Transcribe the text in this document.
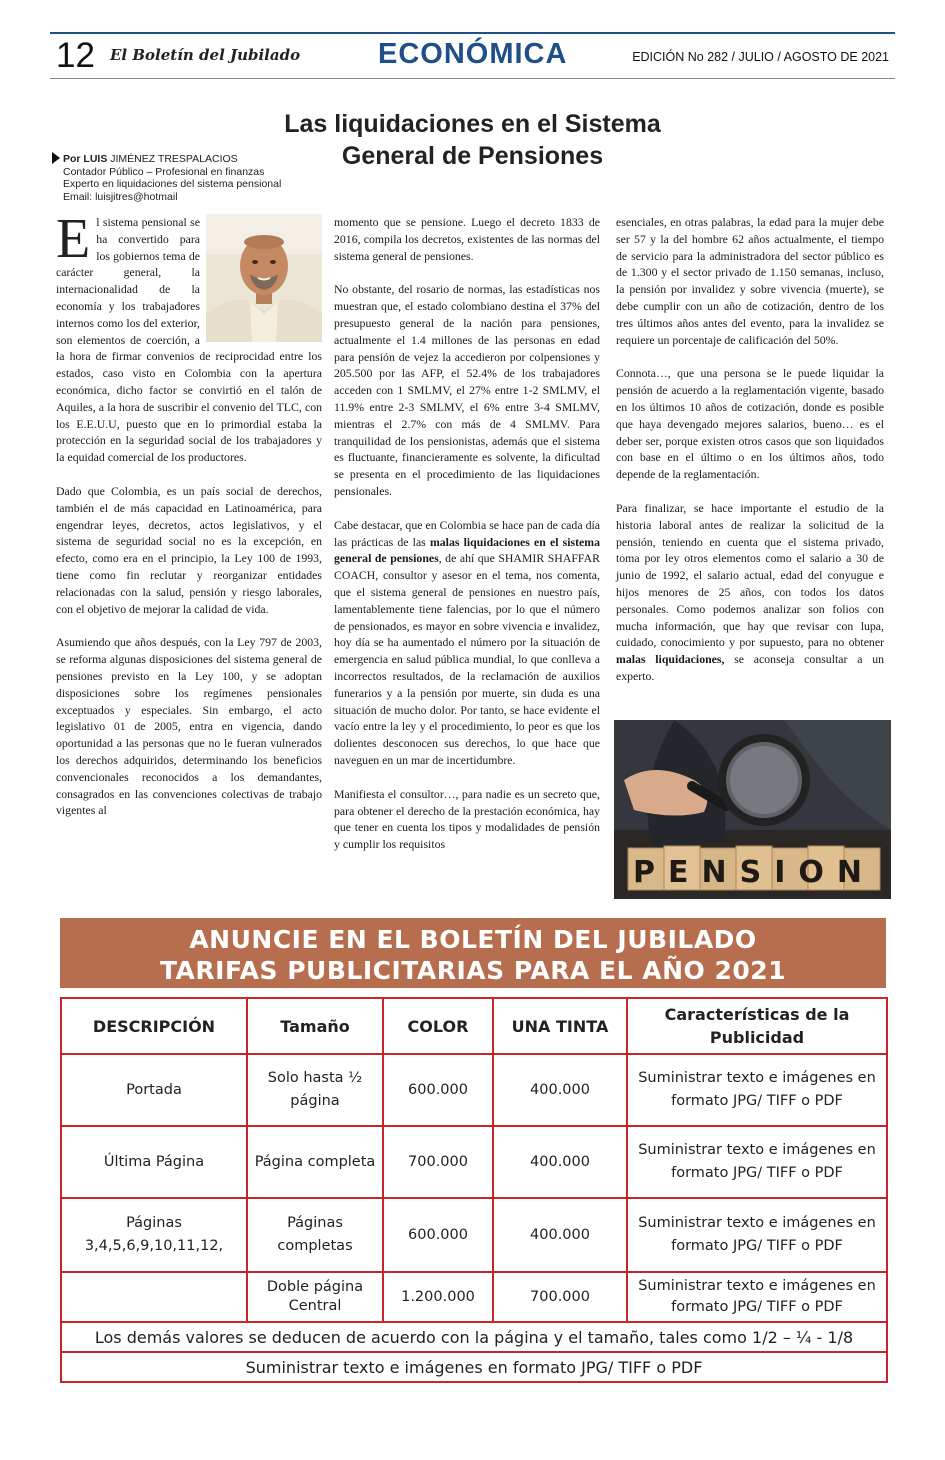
12 El Boletín del Jubilado	ECONÓMICA	EDICIÓN No 282 / JULIO / AGOSTO DE 2021
Las liquidaciones en el Sistema
General de Pensiones
Por LUIS JIMÉNEZ TRESPALACIOS
Contador Público – Profesional en finanzas
Experto en liquidaciones del sistema pensional
Email: luisjitres@hotmail

E l sistema pensional se ha convertido para los gobiernos tema de carácter general, la internacionalidad de la economía y los trabajadores internos como los del exterior, son elementos de coerción, a la hora de firmar convenios de reciprocidad entre los estados, caso visto en Colombia con la apertura económica, dicho factor se convirtió en el talón de Aquiles, a la hora de suscribir el convenio del TLC, con los E.E.U.U, puesto que en lo primordial estaba la protección en la seguridad social de los trabajadores y la equidad comercial de los productores.

Dado que Colombia, es un país social de derechos, también el de más capacidad en Latinoamérica, para engendrar leyes, decretos, actos legislativos, y el sistema de seguridad social no es la excepción, en efecto, como era en el principio, la Ley 100 de 1993, tiene como fin reclutar y reorganizar entidades relacionadas con la salud, pensión y riesgo laborales, con el objetivo de mejorar la calidad de vida.

Asumiendo que años después, con la Ley 797 de 2003, se reforma algunas disposiciones del sistema general de pensiones previsto en la Ley 100, y se adoptan disposiciones sobre los regímenes pensionales exceptuados y especiales. Sin embargo, el acto legislativo 01 de 2005, entra en vigencia, dando oportunidad a las personas que no le fueran vulnerados los derechos adquiridos, determinando los beneficios convencionales reconocidos a los demandantes, consagrados en las convenciones colectivas de trabajo vigentes al

momento que se pensione. Luego el decreto 1833 de 2016, compila los decretos, existentes de las normas del sistema general de pensiones.

No obstante, del rosario de normas, las estadísticas nos muestran que, el estado colombiano destina el 37% del presupuesto general de la nación para pensiones, actualmente el 1.4 millones de las personas en edad para pensión de vejez la accedieron por colpensiones y 205.500 por las AFP, el 52.4% de los trabajadores acceden con 1 SMLMV, el 27% entre 1-2 SMLMV, el 11.9% entre 2-3 SMLMV, el 6% entre 3-4 SMLMV, mientras el 2.7% con más de 4 SMLMV. Para tranquilidad de los pensionistas, además que el sistema es fluctuante, financieramente es solvente, la dificultad se presenta en el procedimiento de las liquidaciones pensionales.

Cabe destacar, que en Colombia se hace pan de cada día las prácticas de las malas liquidaciones en el sistema general de pensiones, de ahí que SHAMIR SHAFFAR COACH, consultor y asesor en el tema, nos comenta, que el sistema general de pensiones en nuestro país, lamentablemente tiene falencias, por lo que el número de pensionados, es mayor en sobre vivencia e invalidez, hoy día se ha aumentado el número por la situación de emergencia en salud pública mundial, lo que conlleva a incorrectos resultados, de la reclamación de auxilios funerarios y a la pensión por muerte, sin duda es una situación de mucho dolor. Por tanto, se hace evidente el vacío entre la ley y el procedimiento, lo peor es que los dolientes desconocen sus derechos, lo que hace que naveguen en un mar de incertidumbre.

Manifiesta el consultor…, para nadie es un secreto que, para obtener el derecho de la prestación económica, hay que tener en cuenta los tipos y modalidades de pensión y cumplir los requisitos

esenciales, en otras palabras, la edad para la mujer debe ser 57 y la del hombre 62 años actualmente, el tiempo de servicio para la administradora del sector público es de 1.300 y el sector privado de 1.150 semanas, incluso, la pensión por invalidez y sobre vivencia (muerte), se debe cumplir con un año de cotización, dentro de los tres últimos años antes del evento, para la invalidez se requiere un porcentaje de calificación del 50%.

Connota…, que una persona se le puede liquidar la pensión de acuerdo a la reglamentación vigente, basado en los últimos 10 años de cotización, donde es posible que haya devengado mejores salarios, bueno… es el deber ser, porque existen otros casos que son liquidados con base en el último o en los últimos años, todo depende de la reglamentación.

Para finalizar, se hace importante el estudio de la historia laboral antes de realizar la solicitud de la pensión, teniendo en cuenta que el sistema privado, toma por ley otros elementos como el salario a 30 de junio de 1992, el salario actual, edad del conyugue e hijos menores de 25 años, con todos los datos personales. Como podemos analizar son folios con mucha información, que hay que revisar con lupa, cuidado, conocimiento y por supuesto, para no obtener malas liquidaciones, se aconseja consultar a un experto.

PENSION
ANUNCIE EN EL BOLETÍN DEL JUBILADO
TARIFAS PUBLICITARIAS PARA EL AÑO 2021
DESCRIPCIÓN	Tamaño	COLOR	UNA TINTA	Características de la Publicidad
Portada	Solo hasta ½ página	600.000	400.000	Suministrar texto e imágenes en formato JPG/ TIFF o PDF
Última Página	Página completa	700.000	400.000	Suministrar texto e imágenes en formato JPG/ TIFF o PDF
Páginas 3,4,5,6,9,10,11,12,	Páginas completas	600.000	400.000	Suministrar texto e imágenes en formato JPG/ TIFF o PDF
	Doble página Central	1.200.000	700.000	Suministrar texto e imágenes en formato JPG/ TIFF o PDF
Los demás valores se deducen de acuerdo con la página y el tamaño, tales como 1/2 – ¼ - 1/8				
Suministrar texto e imágenes en formato JPG/ TIFF o PDF				
